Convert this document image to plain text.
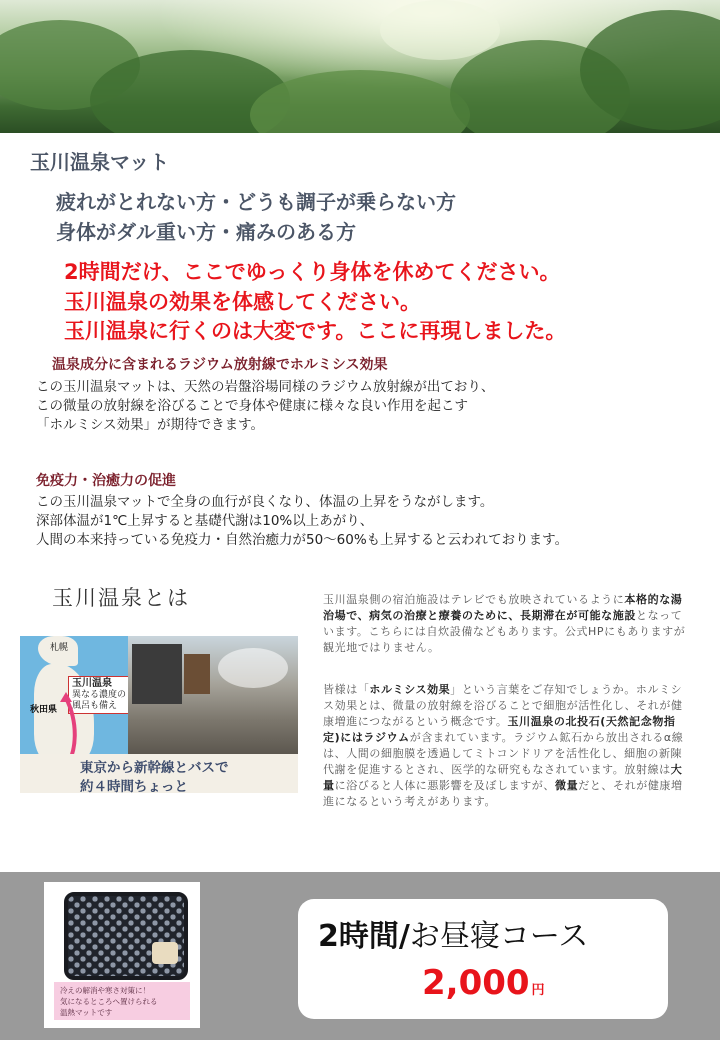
玉川温泉マット
疲れがとれない方・どうも調子が乗らない方
身体がダル重い方・痛みのある方
2時間だけ、ここでゆっくり身体を休めてください。
玉川温泉の効果を体感してください。
玉川温泉に行くのは大変です。ここに再現しました。
温泉成分に含まれるラジウム放射線でホルミシス効果
この玉川温泉マットは、天然の岩盤浴場同様のラジウム放射線が出ており、
この微量の放射線を浴びることで身体や健康に様々な良い作用を起こす
「ホルミシス効果」が期待できます。
免疫力・治癒力の促進
この玉川温泉マットで全身の血行が良くなり、体温の上昇をうながします。
深部体温が1℃上昇すると基礎代謝は10%以上あがり、
人間の本来持っている免疫力・自然治癒力が50～60%も上昇すると云われております。
玉川温泉とは
札幌
秋田県
玉川温泉
異なる濃度の
風呂も備え
東京から新幹線とバスで
約４時間ちょっと
玉川温泉側の宿泊施設はテレビでも放映されているように本格的な湯治場で、病気の治療と療養のために、長期滞在が可能な施設となっています。こちらには自炊設備などもあります。公式HPにもありますが観光地ではりません。
皆様は「ホルミシス効果」という言葉をご存知でしょうか。ホルミシス効果とは、微量の放射線を浴びることで細胞が活性化し、それが健康増進につながるという概念です。玉川温泉の北投石(天然記念物指定)にはラジウムが含まれています。ラジウム鉱石から放出されるα線は、人間の細胞膜を透過してミトコンドリアを活性化し、細胞の新陳代謝を促進するとされ、医学的な研究もなされています。放射線は大量に浴びると人体に悪影響を及ぼしますが、微量だと、それが健康増進になるという考えがあります。
冷えの解消や寒さ対策に！
気になるところへ置けられる
温熱マットです
2時間/お昼寝コース
2,000 円
